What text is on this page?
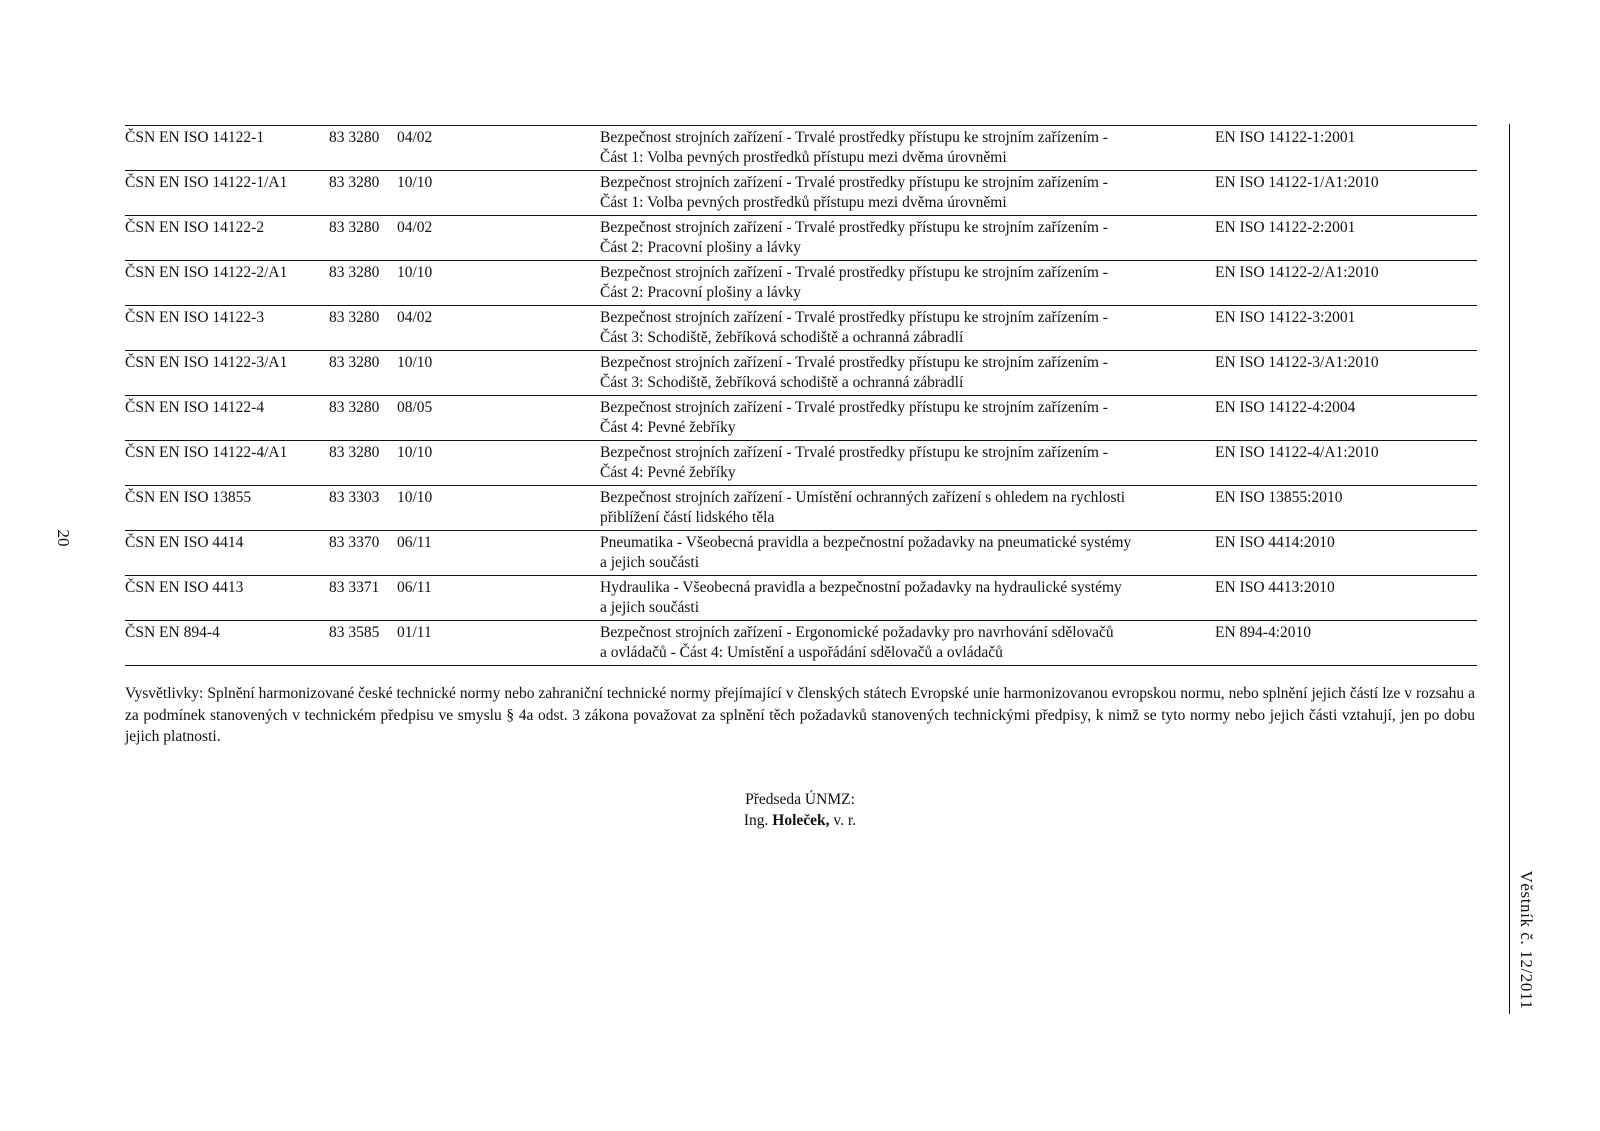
20
Věstník č. 12/2011
ČSN EN ISO 14122-1	83 3280	04/02	Bezpečnost strojních zařízení - Trvalé prostředky přístupu ke strojním zařízením -
Část 1: Volba pevných prostředků přístupu mezi dvěma úrovněmi
EN ISO 14122-1:2001
ČSN EN ISO 14122-1/A1	83 3280	10/10	Bezpečnost strojních zařízení - Trvalé prostředky přístupu ke strojním zařízením -
Část 1: Volba pevných prostředků přístupu mezi dvěma úrovněmi
EN ISO 14122-1/A1:2010
ČSN EN ISO 14122-2	83 3280	04/02	Bezpečnost strojních zařízení - Trvalé prostředky přístupu ke strojním zařízením -
Část 2: Pracovní plošiny a lávky
EN ISO 14122-2:2001
ČSN EN ISO 14122-2/A1	83 3280	10/10	Bezpečnost strojních zařízení - Trvalé prostředky přístupu ke strojním zařízením -
Část 2: Pracovní plošiny a lávky
EN ISO 14122-2/A1:2010
ČSN EN ISO 14122-3	83 3280	04/02	Bezpečnost strojních zařízení - Trvalé prostředky přístupu ke strojním zařízením -
Část 3: Schodiště, žebříková schodiště a ochranná zábradlí
EN ISO 14122-3:2001
ČSN EN ISO 14122-3/A1	83 3280	10/10	Bezpečnost strojních zařízení - Trvalé prostředky přístupu ke strojním zařízením -
Část 3: Schodiště, žebříková schodiště a ochranná zábradlí
EN ISO 14122-3/A1:2010
ČSN EN ISO 14122-4	83 3280	08/05	Bezpečnost strojních zařízení - Trvalé prostředky přístupu ke strojním zařízením -
Část 4: Pevné žebříky
EN ISO 14122-4:2004
ČSN EN ISO 14122-4/A1	83 3280	10/10	Bezpečnost strojních zařízení - Trvalé prostředky přístupu ke strojním zařízením -
Část 4: Pevné žebříky
EN ISO 14122-4/A1:2010
ČSN EN ISO 13855	83 3303	10/10	Bezpečnost strojních zařízení - Umístění ochranných zařízení s ohledem na rychlosti
přiblížení částí lidského těla
EN ISO 13855:2010
ČSN EN ISO 4414	83 3370	06/11	Pneumatika - Všeobecná pravidla a bezpečnostní požadavky na pneumatické systémy
a jejich součásti
EN ISO 4414:2010
ČSN EN ISO 4413	83 3371	06/11	Hydraulika - Všeobecná pravidla a bezpečnostní požadavky na hydraulické systémy
a jejich součásti
EN ISO 4413:2010
ČSN EN 894-4	83 3585	01/11	Bezpečnost strojních zařízení - Ergonomické požadavky pro navrhování sdělovačů
a ovládačů - Část 4: Umístění a uspořádání sdělovačů a ovládačů
EN 894-4:2010
Vysvětlivky: Splnění harmonizované české technické normy nebo zahraniční technické normy přejímající v členských státech Evropské unie harmonizovanou evropskou normu, nebo splnění jejich částí lze v rozsahu a za podmínek stanovených v technickém předpisu ve smyslu § 4a odst. 3 zákona považovat za splnění těch požadavků stanovených technickými předpisy, k nimž se tyto normy nebo jejich části vztahují, jen po dobu jejich platnosti.
Předseda ÚNMZ:
Ing. Holeček, v. r.
